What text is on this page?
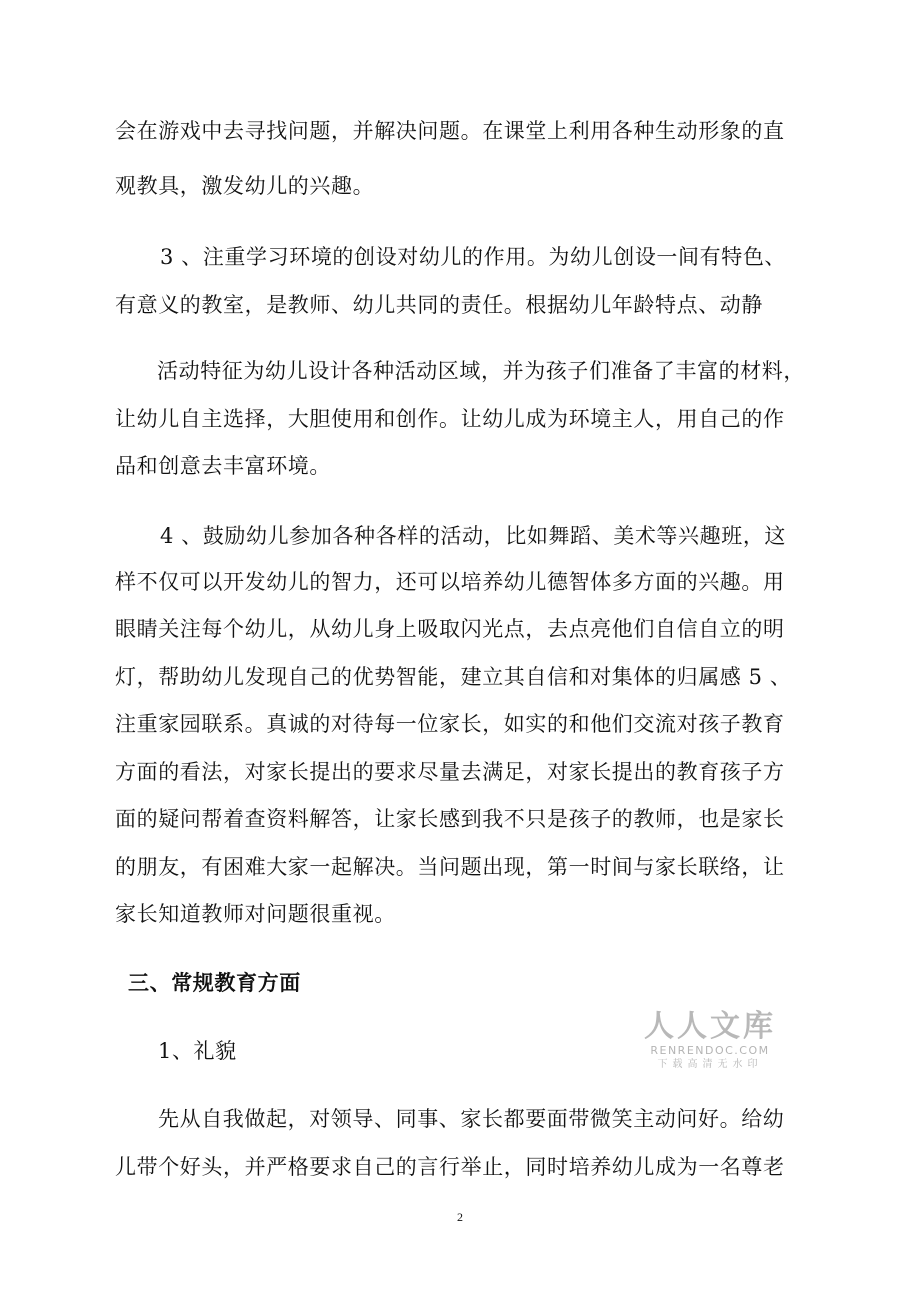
会在游戏中去寻找问题，并解决问题。在课堂上利用各种生动形象的直
观教具，激发幼儿的兴趣。
3 、注重学习环境的创设对幼儿的作用。为幼儿创设一间有特色、
有意义的教室，是教师、幼儿共同的责任。根据幼儿年龄特点、动静
活动特征为幼儿设计各种活动区域，并为孩子们准备了丰富的材料，
让幼儿自主选择，大胆使用和创作。让幼儿成为环境主人，用自己的作
品和创意去丰富环境。
4 、鼓励幼儿参加各种各样的活动，比如舞蹈、美术等兴趣班，这
样不仅可以开发幼儿的智力，还可以培养幼儿德智体多方面的兴趣。用
眼睛关注每个幼儿，从幼儿身上吸取闪光点，去点亮他们自信自立的明
灯，帮助幼儿发现自己的优势智能，建立其自信和对集体的归属感 5 、
注重家园联系。真诚的对待每一位家长，如实的和他们交流对孩子教育
方面的看法，对家长提出的要求尽量去满足，对家长提出的教育孩子方
面的疑问帮着查资料解答，让家长感到我不只是孩子的教师，也是家长
的朋友，有困难大家一起解决。当问题出现，第一时间与家长联络，让
家长知道教师对问题很重视。
三、常规教育方面
1、礼貌
先从自我做起，对领导、同事、家长都要面带微笑主动问好。给幼
儿带个好头，并严格要求自己的言行举止，同时培养幼儿成为一名尊老
人人文库
RENRENDOC.COM
下载高清无水印
2
